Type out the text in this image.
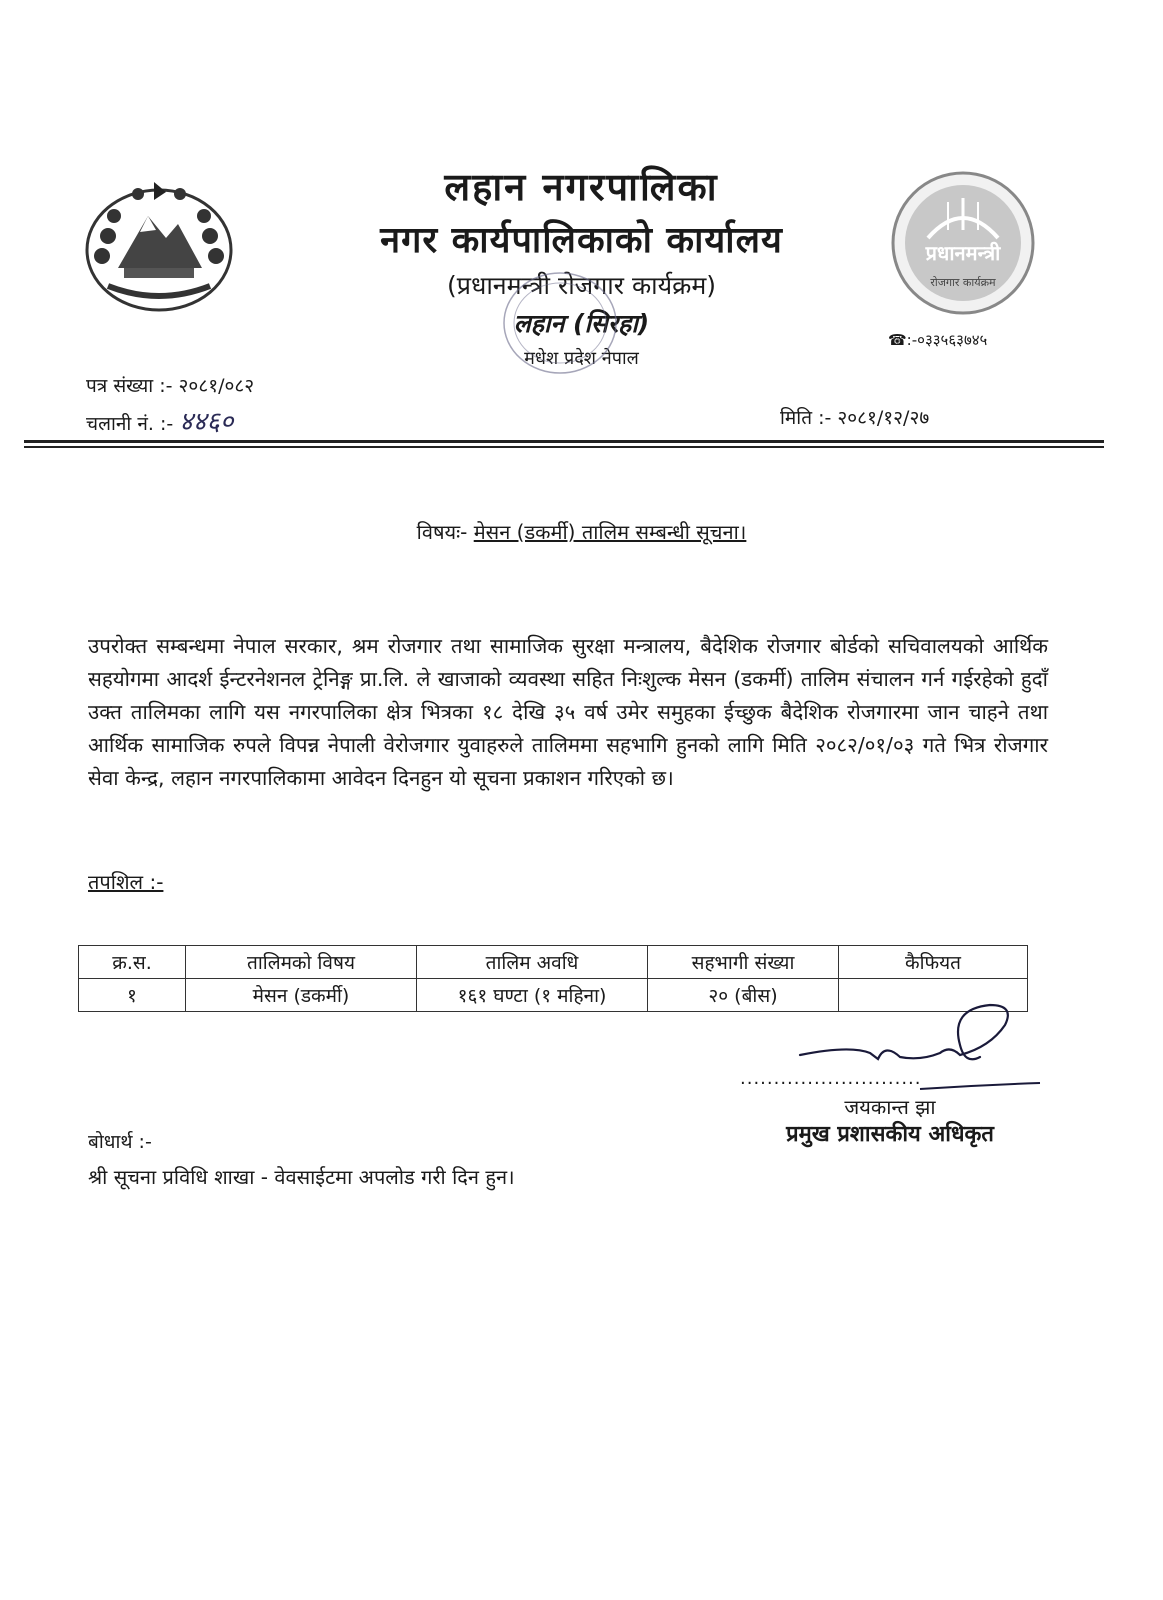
लहान नगरपालिका
नगर कार्यपालिकाको कार्यालय
(प्रधानमन्त्री रोजगार कार्यक्रम)
लहान (सिरहा)
मधेश प्रदेश नेपाल
प्रधानमन्त्री
रोजगार कार्यक्रम
☎:-०३३५६३७४५
पत्र संख्या :- २०८१/०८२
चलानी नं. :- ४४६०	मिति :- २०८१/१२/२७
विषयः- मेसन (डकर्मी) तालिम सम्बन्धी सूचना।
उपरोक्त सम्बन्धमा नेपाल सरकार, श्रम रोजगार तथा सामाजिक सुरक्षा मन्त्रालय, बैदेशिक रोजगार बोर्डको सचिवालयको आर्थिक सहयोगमा आदर्श ईन्टरनेशनल ट्रेनिङ्ग प्रा.लि. ले खाजाको व्यवस्था सहित निःशुल्क मेसन (डकर्मी) तालिम संचालन गर्न गईरहेको हुदाँ उक्त तालिमका लागि यस नगरपालिका क्षेत्र भित्रका १८ देखि ३५ वर्ष उमेर समुहका ईच्छुक बैदेशिक रोजगारमा जान चाहने तथा आर्थिक सामाजिक रुपले विपन्न नेपाली वेरोजगार युवाहरुले तालिममा सहभागि हुनको लागि मिति २०८२/०१/०३ गते भित्र रोजगार सेवा केन्द्र, लहान नगरपालिकामा आवेदन दिनहुन यो सूचना प्रकाशन गरिएको छ।
तपशिल :-
क्र.स.	तालिमको विषय	तालिम अवधि	सहभागी संख्या	कैफियत
१	मेसन (डकर्मी)	१६१ घण्टा (१ महिना)	२० (बीस)	
...........................
जयकान्त झा
प्रमुख प्रशासकीय अधिकृत
बोधार्थ :-
श्री सूचना प्रविधि शाखा - वेवसाईटमा अपलोड गरी दिन हुन।
